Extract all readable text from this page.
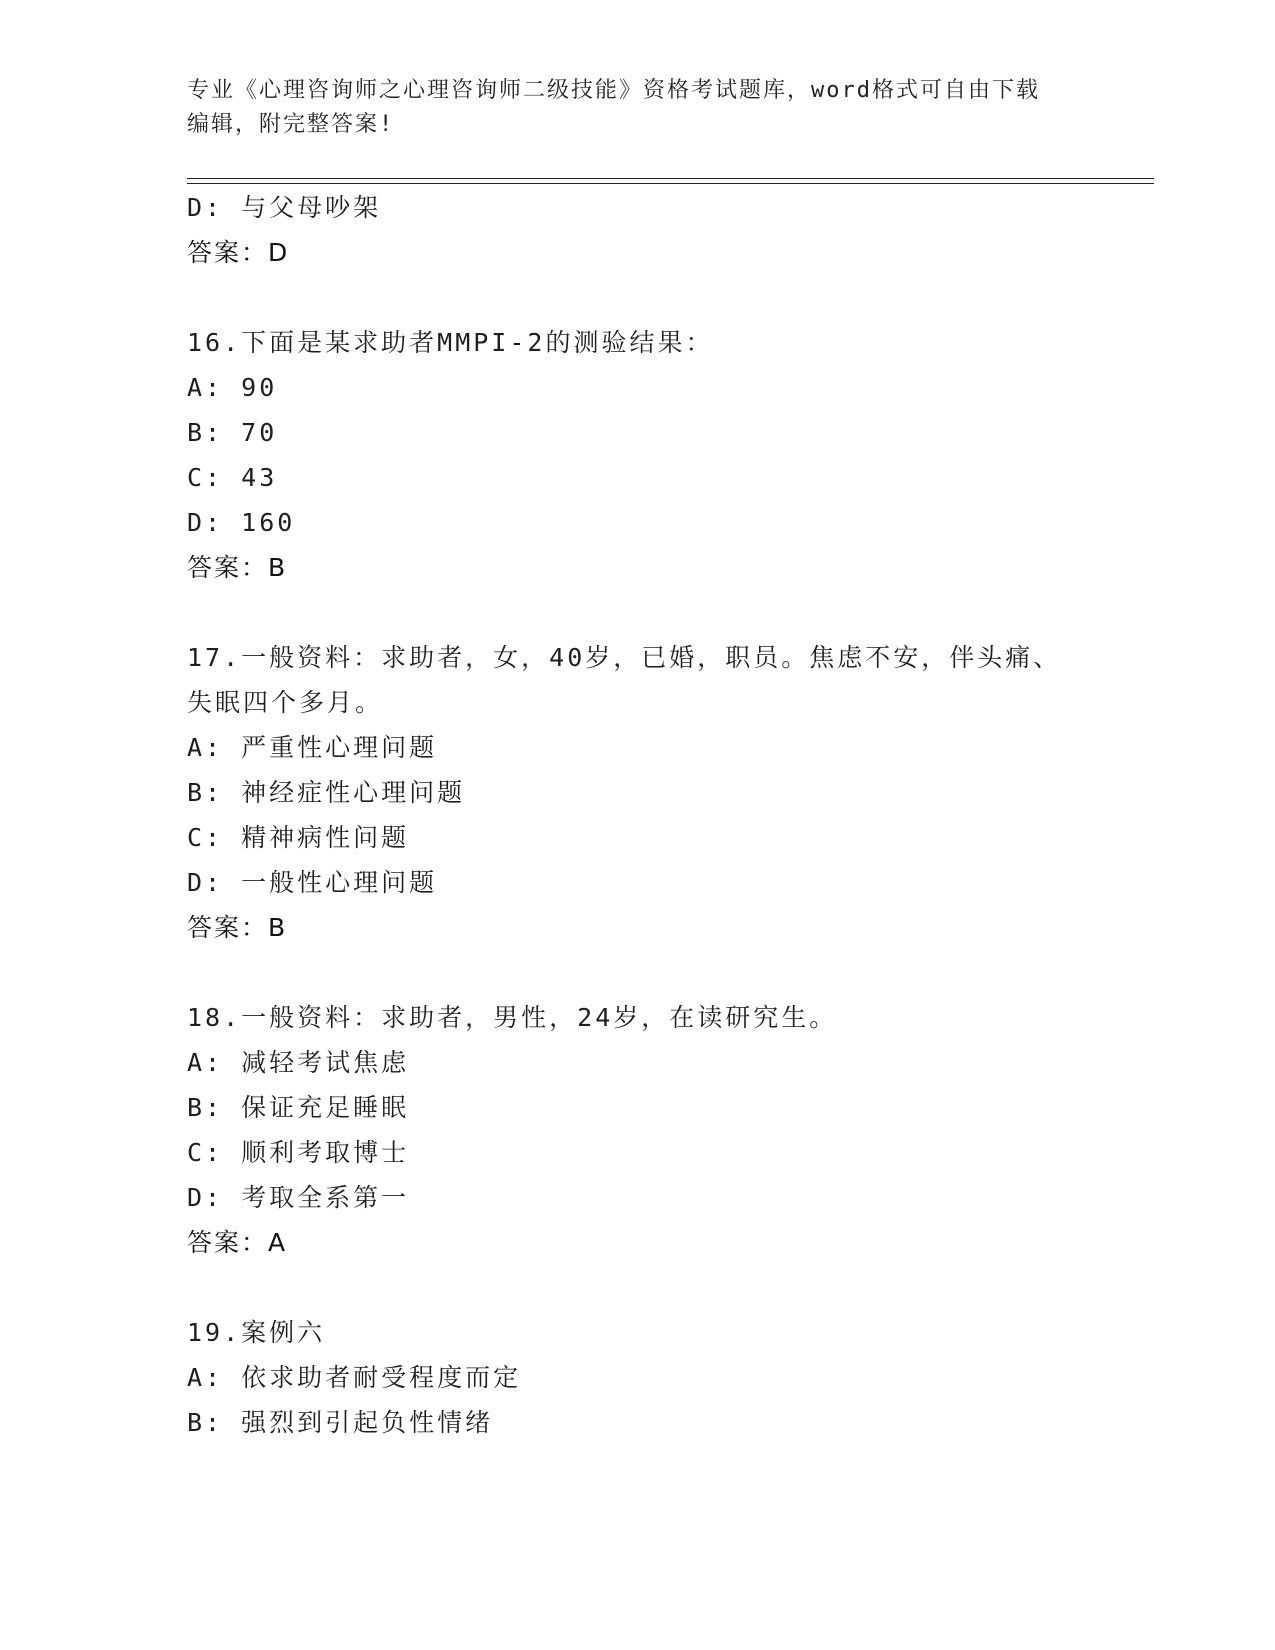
专业《心理咨询师之心理咨询师二级技能》资格考试题库，word格式可自由下载
编辑，附完整答案!
D: 与父母吵架
答案：D
16.下面是某求助者MMPI-2的测验结果：
A: 90
B: 70
C: 43
D: 160
答案：B
17.一般资料：求助者，女，40岁，已婚，职员。焦虑不安，伴头痛、
失眠四个多月。
A: 严重性心理问题
B: 神经症性心理问题
C: 精神病性问题
D: 一般性心理问题
答案：B
18.一般资料：求助者，男性，24岁，在读研究生。
A: 减轻考试焦虑
B: 保证充足睡眠
C: 顺利考取博士
D: 考取全系第一
答案：A
19.案例六
A: 依求助者耐受程度而定
B: 强烈到引起负性情绪
